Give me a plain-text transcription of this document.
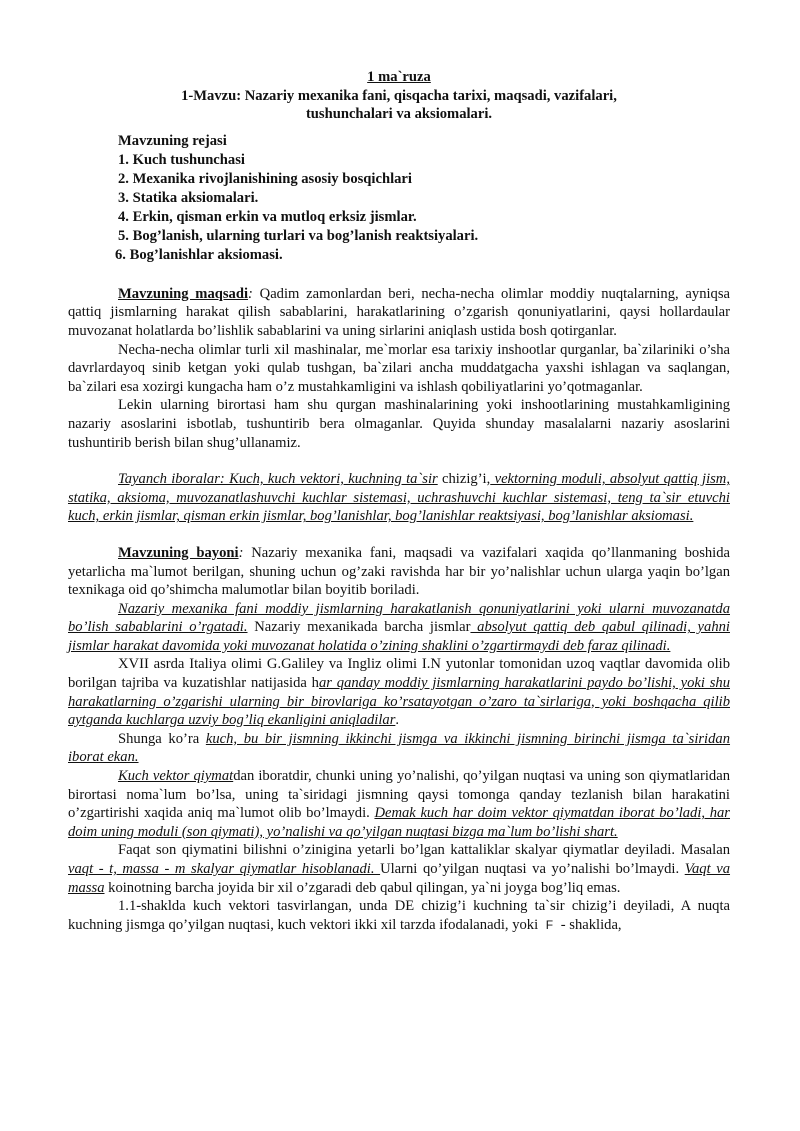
1 ma`ruza
1-Mavzu: Nazariy mexanika fani, qisqacha tarixi, maqsadi, vazifalari,
tushunchalari va aksiomalari.
Mavzuning rejasi
1. Kuch tushunchasi
2. Mexanika rivojlanishining asosiy bosqichlari
3. Statika aksiomalari.
4. Erkin, qisman erkin va mutloq erksiz jismlar.
5. Bog’lanish, ularning turlari va bog’lanish reaktsiyalari.
6. Bog’lanishlar aksiomasi.

Mavzuning maqsadi: Qadim zamonlardan beri, necha-necha olimlar moddiy nuqtalarning, ayniqsa qattiq jismlarning harakat qilish sabablarini, harakatlarining o’zgarish qonuniyatlarini, qaysi hollardaular muvozanat holatlarda bo’lishlik sabablarini va uning sirlarini aniqlash ustida bosh qotirganlar.

Necha-necha olimlar turli xil mashinalar, me`morlar esa tarixiy inshootlar qurganlar, ba`zilariniki o’sha davrlardayoq sinib ketgan yoki qulab tushgan, ba`zilari ancha muddatgacha yaxshi ishlagan va saqlangan, ba`zilari esa xozirgi kungacha ham o’z mustahkamligini va ishlash qobiliyatlarini yo’qotmaganlar.

Lekin ularning birortasi ham shu qurgan mashinalarining yoki inshootlarining mustahkamligining nazariy asoslarini isbotlab, tushuntirib bera olmaganlar. Quyida shunday masalalarni nazariy asoslarini tushuntirib berish bilan shug’ullanamiz.

Tayanch iboralar: Kuch, kuch vektori, kuchning ta`sir chizig’i, vektorning moduli, absolyut qattiq jism, statika, aksioma, muvozanatlashuvchi kuchlar sistemasi, uchrashuvchi kuchlar sistemasi, teng ta`sir etuvchi kuch, erkin jismlar, qisman erkin jismlar, bog’lanishlar, bog’lanishlar reaktsiyasi, bog’lanishlar aksiomasi.

Mavzuning bayoni: Nazariy mexanika fani, maqsadi va vazifalari xaqida qo’llanmaning boshida yetarlicha ma`lumot berilgan, shuning uchun og’zaki ravishda har bir yo’nalishlar uchun ularga yaqin bo’lgan texnikaga oid qo’shimcha malumotlar bilan boyitib boriladi.

Nazariy mexanika fani moddiy jismlarning harakatlanish qonuniyatlarini yoki ularni muvozanatda bo’lish sabablarini o’rgatadi. Nazariy mexanikada barcha jismlar absolyut qattiq deb qabul qilinadi, yahni jismlar harakat davomida yoki muvozanat holatida o’zining shaklini o’zgartirmaydi deb faraz qilinadi.

XVII asrda Italiya olimi G.Galiley va Ingliz olimi I.N yutonlar tomonidan uzoq vaqtlar davomida olib borilgan tajriba va kuzatishlar natijasida har qanday moddiy jismlarning harakatlarini paydo bo’lishi, yoki shu harakatlarning o’zgarishi ularning bir birovlariga ko’rsatayotgan o’zaro ta`sirlariga, yoki boshqacha qilib aytganda kuchlarga uzviy bog’liq ekanligini aniqladilar.

Shunga ko’ra kuch, bu bir jismning ikkinchi jismga va ikkinchi jismning birinchi jismga ta`siridan iborat ekan.

Kuch vektor qiymatdan iboratdir, chunki uning yo’nalishi, qo’yilgan nuqtasi va uning son qiymatlaridan birortasi noma`lum bo’lsa, uning ta`siridagi jismning qaysi tomonga qanday tezlanish bilan harakatini o’zgartirishi xaqida aniq ma`lumot olib bo’lmaydi. Demak kuch har doim vektor qiymatdan iborat bo’ladi, har doim uning moduli (son qiymati), yo’nalishi va qo’yilgan nuqtasi bizga ma`lum bo’lishi shart.

Faqat son qiymatini bilishni o’zinigina yetarli bo’lgan kattaliklar skalyar qiymatlar deyiladi. Masalan vaqt - t, massa - m skalyar qiymatlar hisoblanadi. Ularni qo’yilgan nuqtasi va yo’nalishi bo’lmaydi. Vaqt va massa koinotning barcha joyida bir xil o’zgaradi deb qabul qilingan, ya`ni joyga bog’liq emas.

1.1-shaklda kuch vektori tasvirlangan, unda DE chizig’i kuchning ta`sir chizig’i deyiladi, A nuqta kuchning jismga qo’yilgan nuqtasi, kuch vektori ikki xil tarzda ifodalanadi, yoki F - shaklida,
